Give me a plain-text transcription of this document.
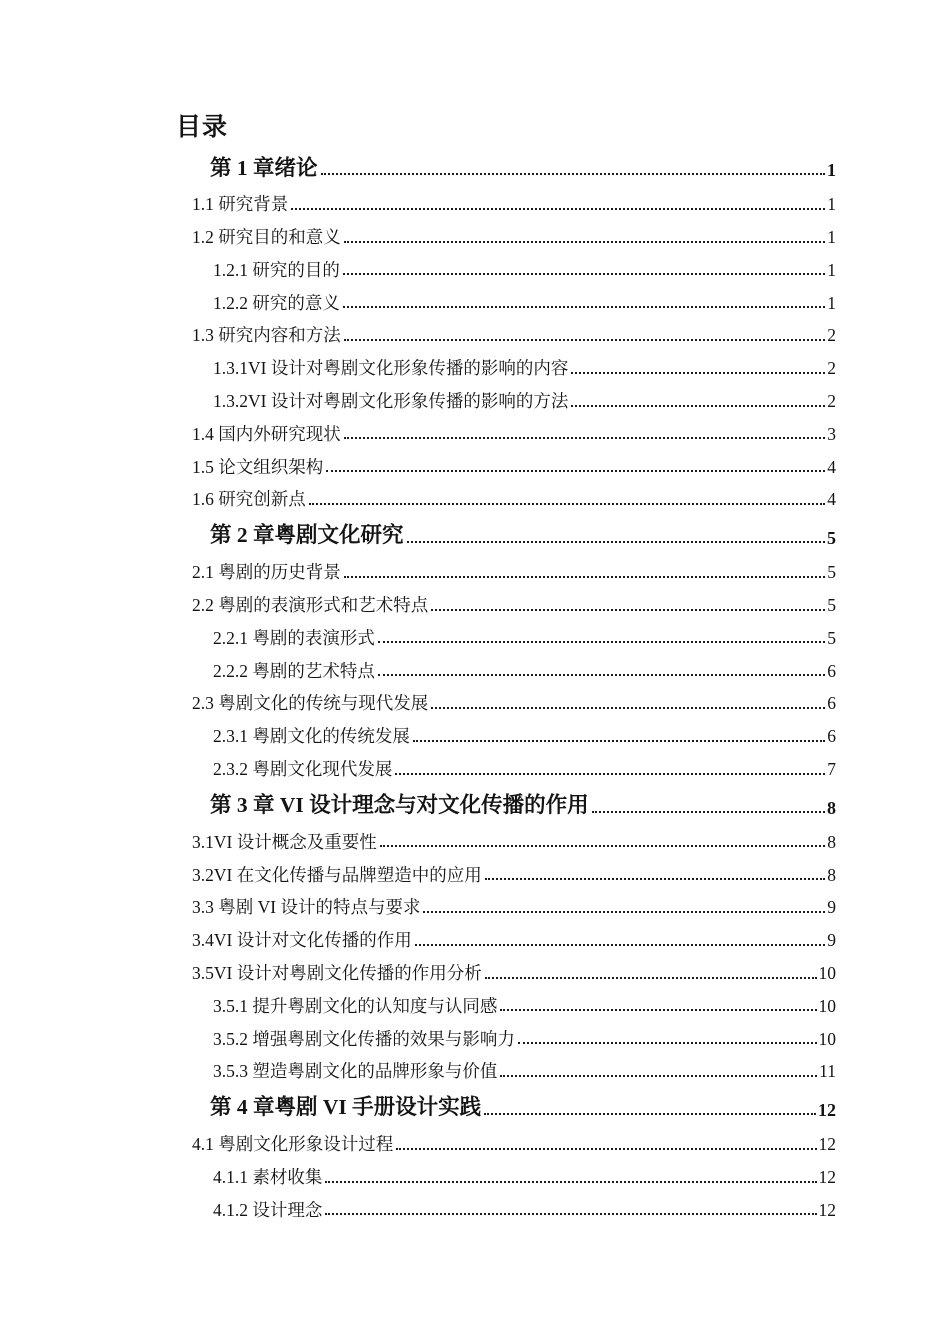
目录
第 1 章绪论	1
1.1 研究背景	1
1.2 研究目的和意义	1
1.2.1 研究的目的	1
1.2.2 研究的意义	1
1.3 研究内容和方法	2
1.3.1VI 设计对粤剧文化形象传播的影响的内容	2
1.3.2VI 设计对粤剧文化形象传播的影响的方法	2
1.4 国内外研究现状	3
1.5 论文组织架构	4
1.6 研究创新点	4
第 2 章粤剧文化研究	5
2.1 粤剧的历史背景	5
2.2 粤剧的表演形式和艺术特点	5
2.2.1 粤剧的表演形式	5
2.2.2 粤剧的艺术特点	6
2.3 粤剧文化的传统与现代发展	6
2.3.1 粤剧文化的传统发展	6
2.3.2 粤剧文化现代发展	7
第 3 章 VI 设计理念与对文化传播的作用	8
3.1VI 设计概念及重要性	8
3.2VI 在文化传播与品牌塑造中的应用	8
3.3 粤剧 VI 设计的特点与要求	9
3.4VI 设计对文化传播的作用	9
3.5VI 设计对粤剧文化传播的作用分析	10
3.5.1 提升粤剧文化的认知度与认同感	10
3.5.2 增强粤剧文化传播的效果与影响力	10
3.5.3 塑造粤剧文化的品牌形象与价值	11
第 4 章粤剧 VI 手册设计实践	12
4.1 粤剧文化形象设计过程	12
4.1.1 素材收集	12
4.1.2 设计理念	12
